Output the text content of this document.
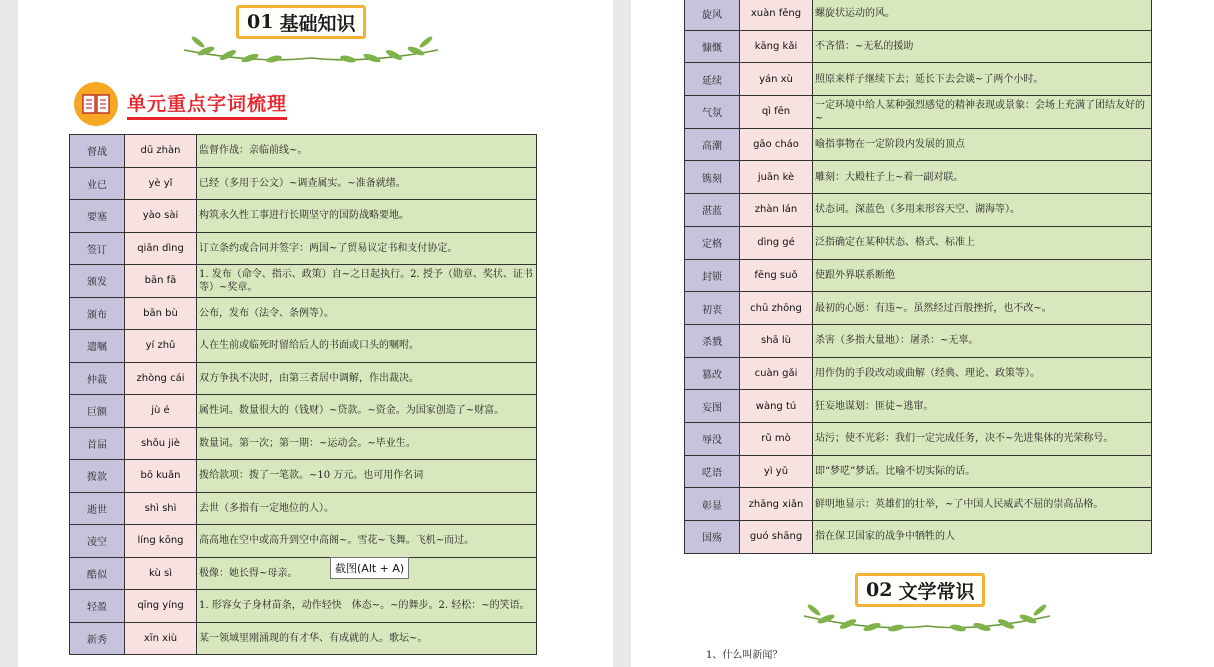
01 基础知识
单元重点字词梳理
督战	dū zhàn	监督作战：亲临前线~。
业已	yè yǐ	已经（多用于公文）~调查属实。~准备就绪。
要塞	yào sài	构筑永久性工事进行长期坚守的国防战略要地。
签订	qiān dìng	订立条约或合同并签字：两国~了贸易议定书和支付协定。
颁发	bān fā	1. 发布（命令、指示、政策）自~之日起执行。2. 授予（勋章、奖状、证书等）~奖章。
颁布	bān bù	公布，发布（法令、条例等）。
遗嘱	yí zhǔ	人在生前或临死时留给后人的书面或口头的嘱咐。
仲裁	zhòng cái	双方争执不决时，由第三者居中调解，作出裁决。
巨额	jù é	属性词。数量很大的（钱财）~贷款。~资金。为国家创造了~财富。
首届	shǒu jiè	数量词。第一次；第一期：~运动会。~毕业生。
拨款	bō kuǎn	拨给款项：拨了一笔款。~10 万元。也可用作名词
逝世	shì shì	去世（多指有一定地位的人）。
凌空	líng kōng	高高地在空中或高升到空中高阁~。雪花~飞舞。飞机~而过。
酷似	kù sì	极像：她长得~母亲。
轻盈	qīng yíng	1. 形容女子身材苗条，动作轻快　体态~。~的舞步。2. 轻松：~的笑语。
新秀	xīn xiù	某一领域里刚涌现的有才华、有成就的人。歌坛~。
截图(Alt + A)
旋风	xuàn fēng	螺旋状运动的风。
慷慨	kāng kǎi	不吝惜：~无私的援助
延续	yán xù	照原来样子继续下去；延长下去会谈~了两个小时。
气氛	qì fēn	一定环境中给人某种强烈感觉的精神表现或景象：会场上充满了团结友好的~
高潮	gāo cháo	喻指事物在一定阶段内发展的顶点
镌刻	juān kè	雕刻：大殿柱子上~着一副对联。
湛蓝	zhàn lán	状态词。深蓝色（多用来形容天空、湖海等）。
定格	dìng gé	泛指确定在某种状态、格式、标准上
封锁	fēng suǒ	使跟外界联系断绝
初衷	chū zhōng	最初的心愿：有违~。虽然经过百般挫折，也不改~。
杀戮	shā lù	杀害（多指大量地）：屠杀：~无辜。
篡改	cuàn gǎi	用作伪的手段改动或曲解（经典、理论、政策等）。
妄图	wàng tú	狂妄地谋划：匪徒~逃窜。
辱没	rǔ mò	玷污；使不光彩：我们一定完成任务，决不~先进集体的光荣称号。
呓语	yì yǔ	即“梦呓”梦话。比喻不切实际的话。
彰显	zhāng xiǎn	鲜明地显示：英雄们的壮举，~了中国人民威武不屈的崇高品格。
国殇	guó shāng	指在保卫国家的战争中牺牲的人
02 文学常识
1、什么叫新闻？
